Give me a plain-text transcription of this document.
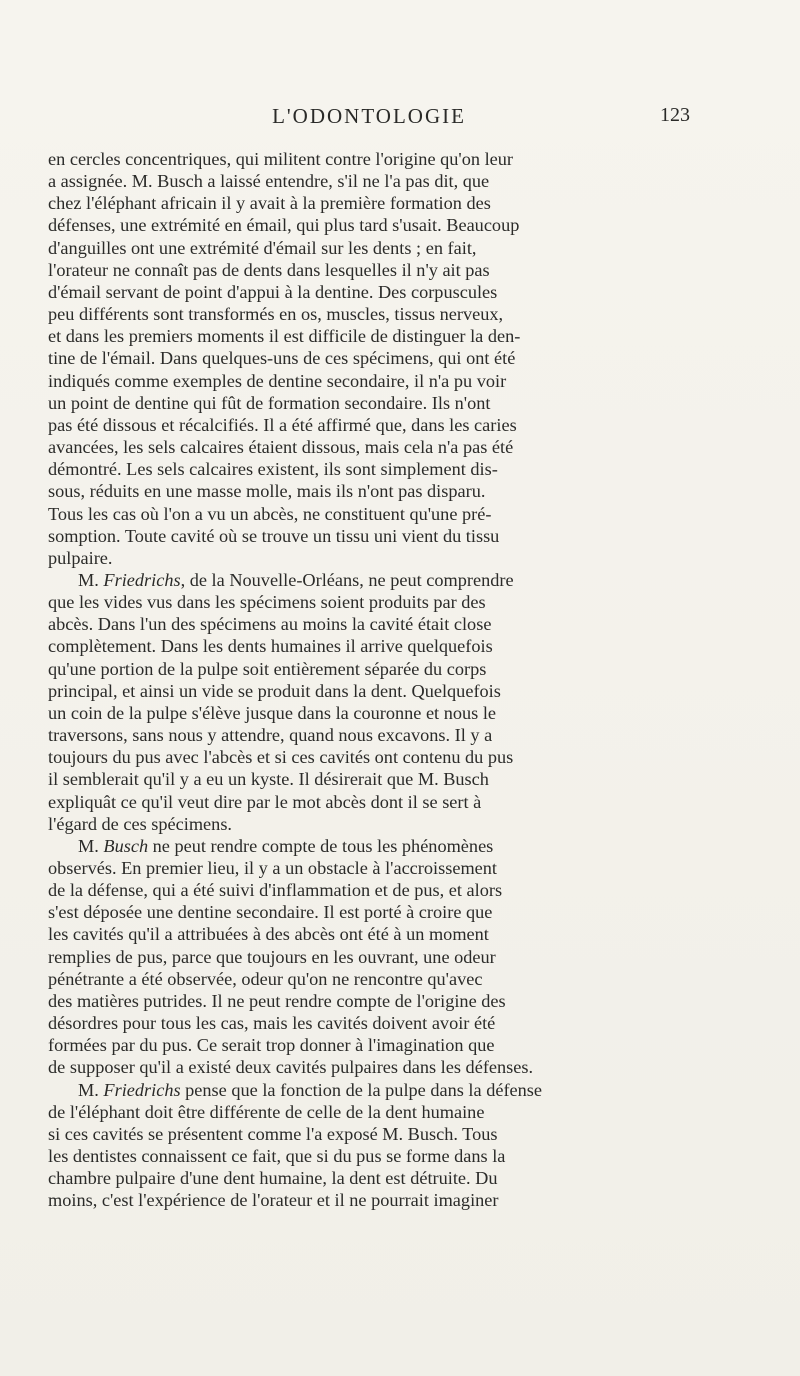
L'ODONTOLOGIE	123
en cercles concentriques, qui militent contre l'origine qu'on leur
a assignée. M. Busch a laissé entendre, s'il ne l'a pas dit, que
chez l'éléphant africain il y avait à la première formation des
défenses, une extrémité en émail, qui plus tard s'usait. Beaucoup
d'anguilles ont une extrémité d'émail sur les dents ; en fait,
l'orateur ne connaît pas de dents dans lesquelles il n'y ait pas
d'émail servant de point d'appui à la dentine. Des corpuscules
peu différents sont transformés en os, muscles, tissus nerveux,
et dans les premiers moments il est difficile de distinguer la den-
tine de l'émail. Dans quelques-uns de ces spécimens, qui ont été
indiqués comme exemples de dentine secondaire, il n'a pu voir
un point de dentine qui fût de formation secondaire. Ils n'ont
pas été dissous et récalcifiés. Il a été affirmé que, dans les caries
avancées, les sels calcaires étaient dissous, mais cela n'a pas été
démontré. Les sels calcaires existent, ils sont simplement dis-
sous, réduits en une masse molle, mais ils n'ont pas disparu.
Tous les cas où l'on a vu un abcès, ne constituent qu'une pré-
somption. Toute cavité où se trouve un tissu uni vient du tissu
pulpaire.
M. Friedrichs, de la Nouvelle-Orléans, ne peut comprendre
que les vides vus dans les spécimens soient produits par des
abcès. Dans l'un des spécimens au moins la cavité était close
complètement. Dans les dents humaines il arrive quelquefois
qu'une portion de la pulpe soit entièrement séparée du corps
principal, et ainsi un vide se produit dans la dent. Quelquefois
un coin de la pulpe s'élève jusque dans la couronne et nous le
traversons, sans nous y attendre, quand nous excavons. Il y a
toujours du pus avec l'abcès et si ces cavités ont contenu du pus
il semblerait qu'il y a eu un kyste. Il désirerait que M. Busch
expliquât ce qu'il veut dire par le mot abcès dont il se sert à
l'égard de ces spécimens.
M. Busch ne peut rendre compte de tous les phénomènes
observés. En premier lieu, il y a un obstacle à l'accroissement
de la défense, qui a été suivi d'inflammation et de pus, et alors
s'est déposée une dentine secondaire. Il est porté à croire que
les cavités qu'il a attribuées à des abcès ont été à un moment
remplies de pus, parce que toujours en les ouvrant, une odeur
pénétrante a été observée, odeur qu'on ne rencontre qu'avec
des matières putrides. Il ne peut rendre compte de l'origine des
désordres pour tous les cas, mais les cavités doivent avoir été
formées par du pus. Ce serait trop donner à l'imagination que
de supposer qu'il a existé deux cavités pulpaires dans les défenses.
M. Friedrichs pense que la fonction de la pulpe dans la défense
de l'éléphant doit être différente de celle de la dent humaine
si ces cavités se présentent comme l'a exposé M. Busch. Tous
les dentistes connaissent ce fait, que si du pus se forme dans la
chambre pulpaire d'une dent humaine, la dent est détruite. Du
moins, c'est l'expérience de l'orateur et il ne pourrait imaginer
